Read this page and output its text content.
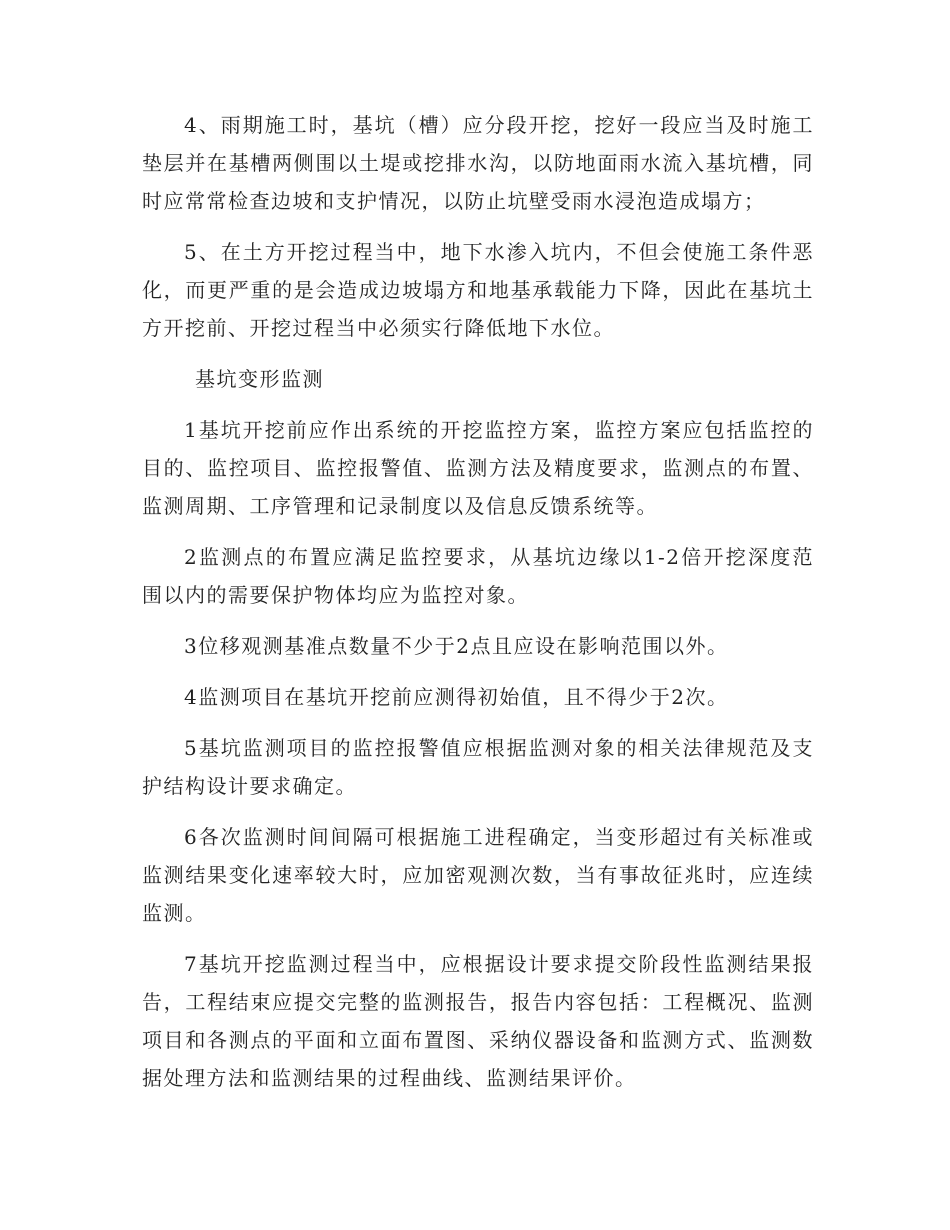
4、雨期施工时，基坑（槽）应分段开挖，挖好一段应当及时施工垫层并在基槽两侧围以土堤或挖排水沟，以防地面雨水流入基坑槽，同时应常常检查边坡和支护情况，以防止坑壁受雨水浸泡造成塌方；

5、在土方开挖过程当中，地下水渗入坑内，不但会使施工条件恶化，而更严重的是会造成边坡塌方和地基承载能力下降，因此在基坑土方开挖前、开挖过程当中必须实行降低地下水位。

基坑变形监测

1基坑开挖前应作出系统的开挖监控方案，监控方案应包括监控的目的、监控项目、监控报警值、监测方法及精度要求，监测点的布置、监测周期、工序管理和记录制度以及信息反馈系统等。

2监测点的布置应满足监控要求，从基坑边缘以1-2倍开挖深度范围以内的需要保护物体均应为监控对象。

3位移观测基准点数量不少于2点且应设在影响范围以外。

4监测项目在基坑开挖前应测得初始值，且不得少于2次。

5基坑监测项目的监控报警值应根据监测对象的相关法律规范及支护结构设计要求确定。

6各次监测时间间隔可根据施工进程确定，当变形超过有关标准或监测结果变化速率较大时，应加密观测次数，当有事故征兆时，应连续监测。

7基坑开挖监测过程当中，应根据设计要求提交阶段性监测结果报告，工程结束应提交完整的监测报告，报告内容包括：工程概况、监测项目和各测点的平面和立面布置图、采纳仪器设备和监测方式、监测数据处理方法和监测结果的过程曲线、监测结果评价。
